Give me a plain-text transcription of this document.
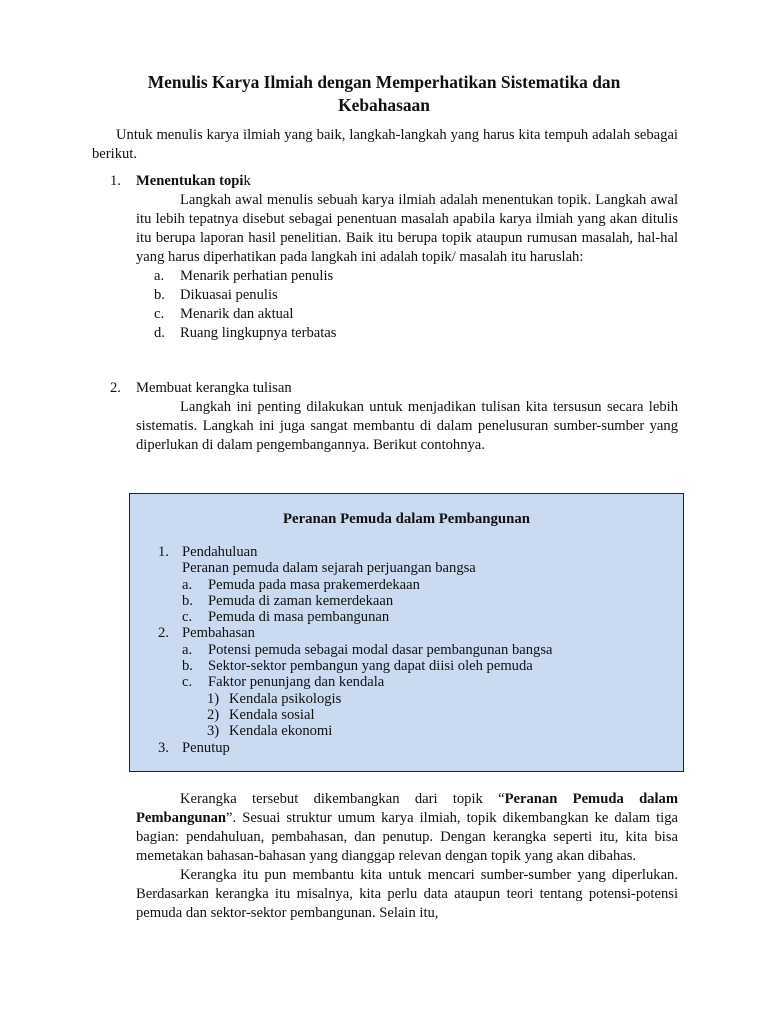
Menulis Karya Ilmiah dengan Memperhatikan Sistematika dan
Kebahasaan
Untuk menulis karya ilmiah yang baik, langkah-langkah yang harus kita tempuh adalah sebagai berikut.
1.	Menentukan topik
Langkah awal menulis sebuah karya ilmiah adalah menentukan topik. Langkah awal itu lebih tepatnya disebut sebagai penentuan masalah apabila karya ilmiah yang akan ditulis itu berupa laporan hasil penelitian. Baik itu berupa topik ataupun rumusan masalah, hal-hal yang harus diperhatikan pada langkah ini adalah topik/ masalah itu haruslah:
a.	Menarik perhatian penulis
b.	Dikuasai penulis
c.	Menarik dan aktual
d.	Ruang lingkupnya terbatas
2.	Membuat kerangka tulisan
Langkah ini penting dilakukan untuk menjadikan tulisan kita tersusun secara lebih sistematis. Langkah ini juga sangat membantu di dalam penelusuran sumber-sumber yang diperlukan di dalam pengembangannya. Berikut contohnya.
Peranan Pemuda dalam Pembangunan
1. Pendahuluan
Peranan pemuda dalam sejarah perjuangan bangsa
a.	Pemuda pada masa prakemerdekaan
b.	Pemuda di zaman kemerdekaan
c.	Pemuda di masa pembangunan
2. Pembahasan
a.	Potensi pemuda sebagai modal dasar pembangunan bangsa
b.	Sektor-sektor pembangun yang dapat diisi oleh pemuda
c.	Faktor penunjang dan kendala
1) Kendala psikologis
2) Kendala sosial
3) Kendala ekonomi
3. Penutup
Kerangka tersebut dikembangkan dari topik “Peranan Pemuda dalam Pembangunan”. Sesuai struktur umum karya ilmiah, topik dikembangkan ke dalam tiga bagian: pendahuluan, pembahasan, dan penutup. Dengan kerangka seperti itu, kita bisa memetakan bahasan-bahasan yang dianggap relevan dengan topik yang akan dibahas.
Kerangka itu pun membantu kita untuk mencari sumber-sumber yang diperlukan. Berdasarkan kerangka itu misalnya, kita perlu data ataupun teori tentang potensi-potensi pemuda dan sektor-sektor pembangunan. Selain itu,
